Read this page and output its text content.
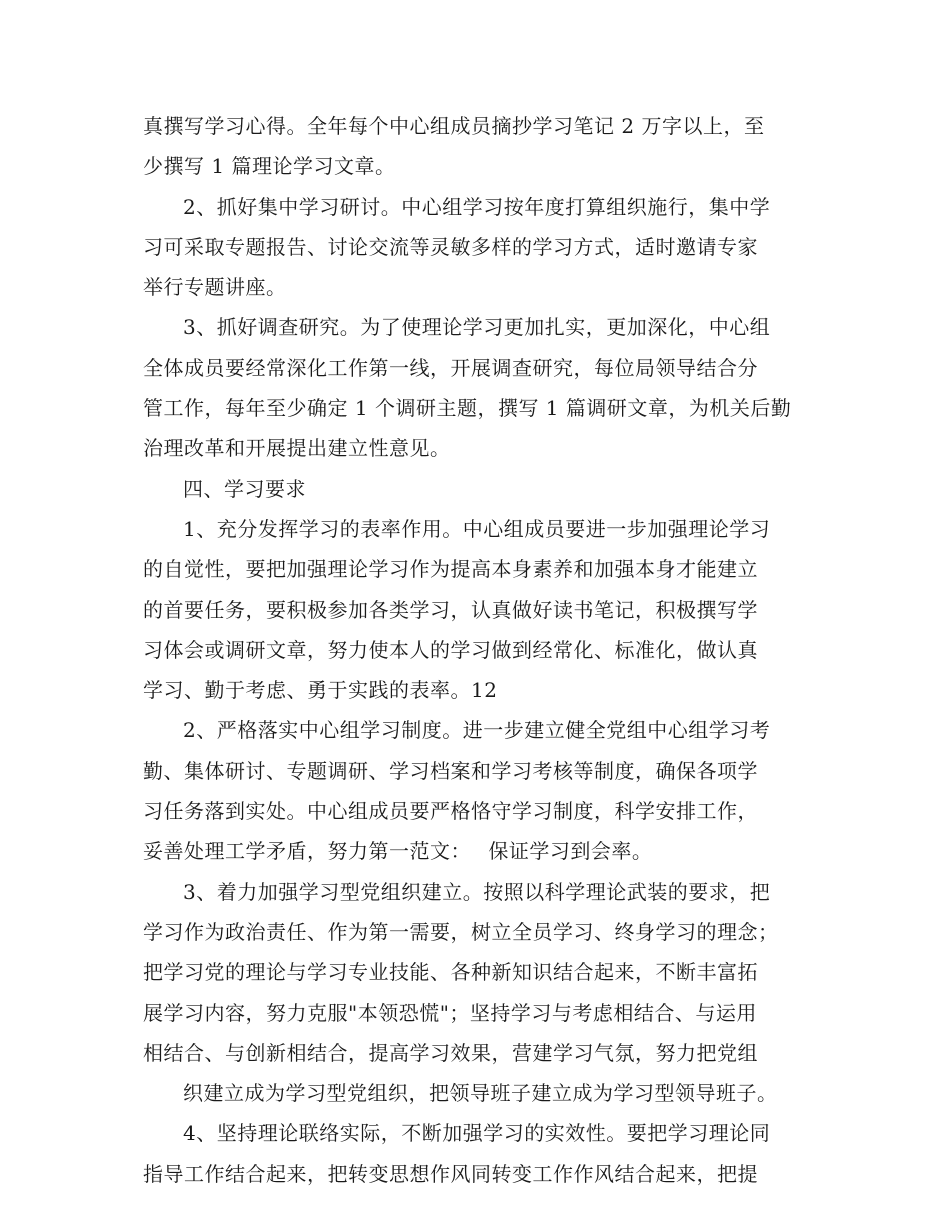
真撰写学习心得。全年每个中心组成员摘抄学习笔记 2 万字以上，至
少撰写 1 篇理论学习文章。
2、抓好集中学习研讨。中心组学习按年度打算组织施行，集中学
习可采取专题报告、讨论交流等灵敏多样的学习方式，适时邀请专家
举行专题讲座。
3、抓好调查研究。为了使理论学习更加扎实，更加深化，中心组
全体成员要经常深化工作第一线，开展调查研究，每位局领导结合分
管工作，每年至少确定 1 个调研主题，撰写 1 篇调研文章，为机关后勤
治理改革和开展提出建立性意见。
四、学习要求
1、充分发挥学习的表率作用。中心组成员要进一步加强理论学习
的自觉性，要把加强理论学习作为提高本身素养和加强本身才能建立
的首要任务，要积极参加各类学习，认真做好读书笔记，积极撰写学
习体会或调研文章，努力使本人的学习做到经常化、标准化，做认真
学习、勤于考虑、勇于实践的表率。12
2、严格落实中心组学习制度。进一步建立健全党组中心组学习考
勤、集体研讨、专题调研、学习档案和学习考核等制度，确保各项学
习任务落到实处。中心组成员要严格恪守学习制度，科学安排工作，
妥善处理工学矛盾，努力第一范文：　 保证学习到会率。
3、着力加强学习型党组织建立。按照以科学理论武装的要求，把
学习作为政治责任、作为第一需要，树立全员学习、终身学习的理念；
把学习党的理论与学习专业技能、各种新知识结合起来，不断丰富拓
展学习内容，努力克服"本领恐慌"；坚持学习与考虑相结合、与运用
相结合、与创新相结合，提高学习效果，营建学习气氛，努力把党组
织建立成为学习型党组织，把领导班子建立成为学习型领导班子。
4、坚持理论联络实际，不断加强学习的实效性。要把学习理论同
指导工作结合起来，把转变思想作风同转变工作作风结合起来，把提
